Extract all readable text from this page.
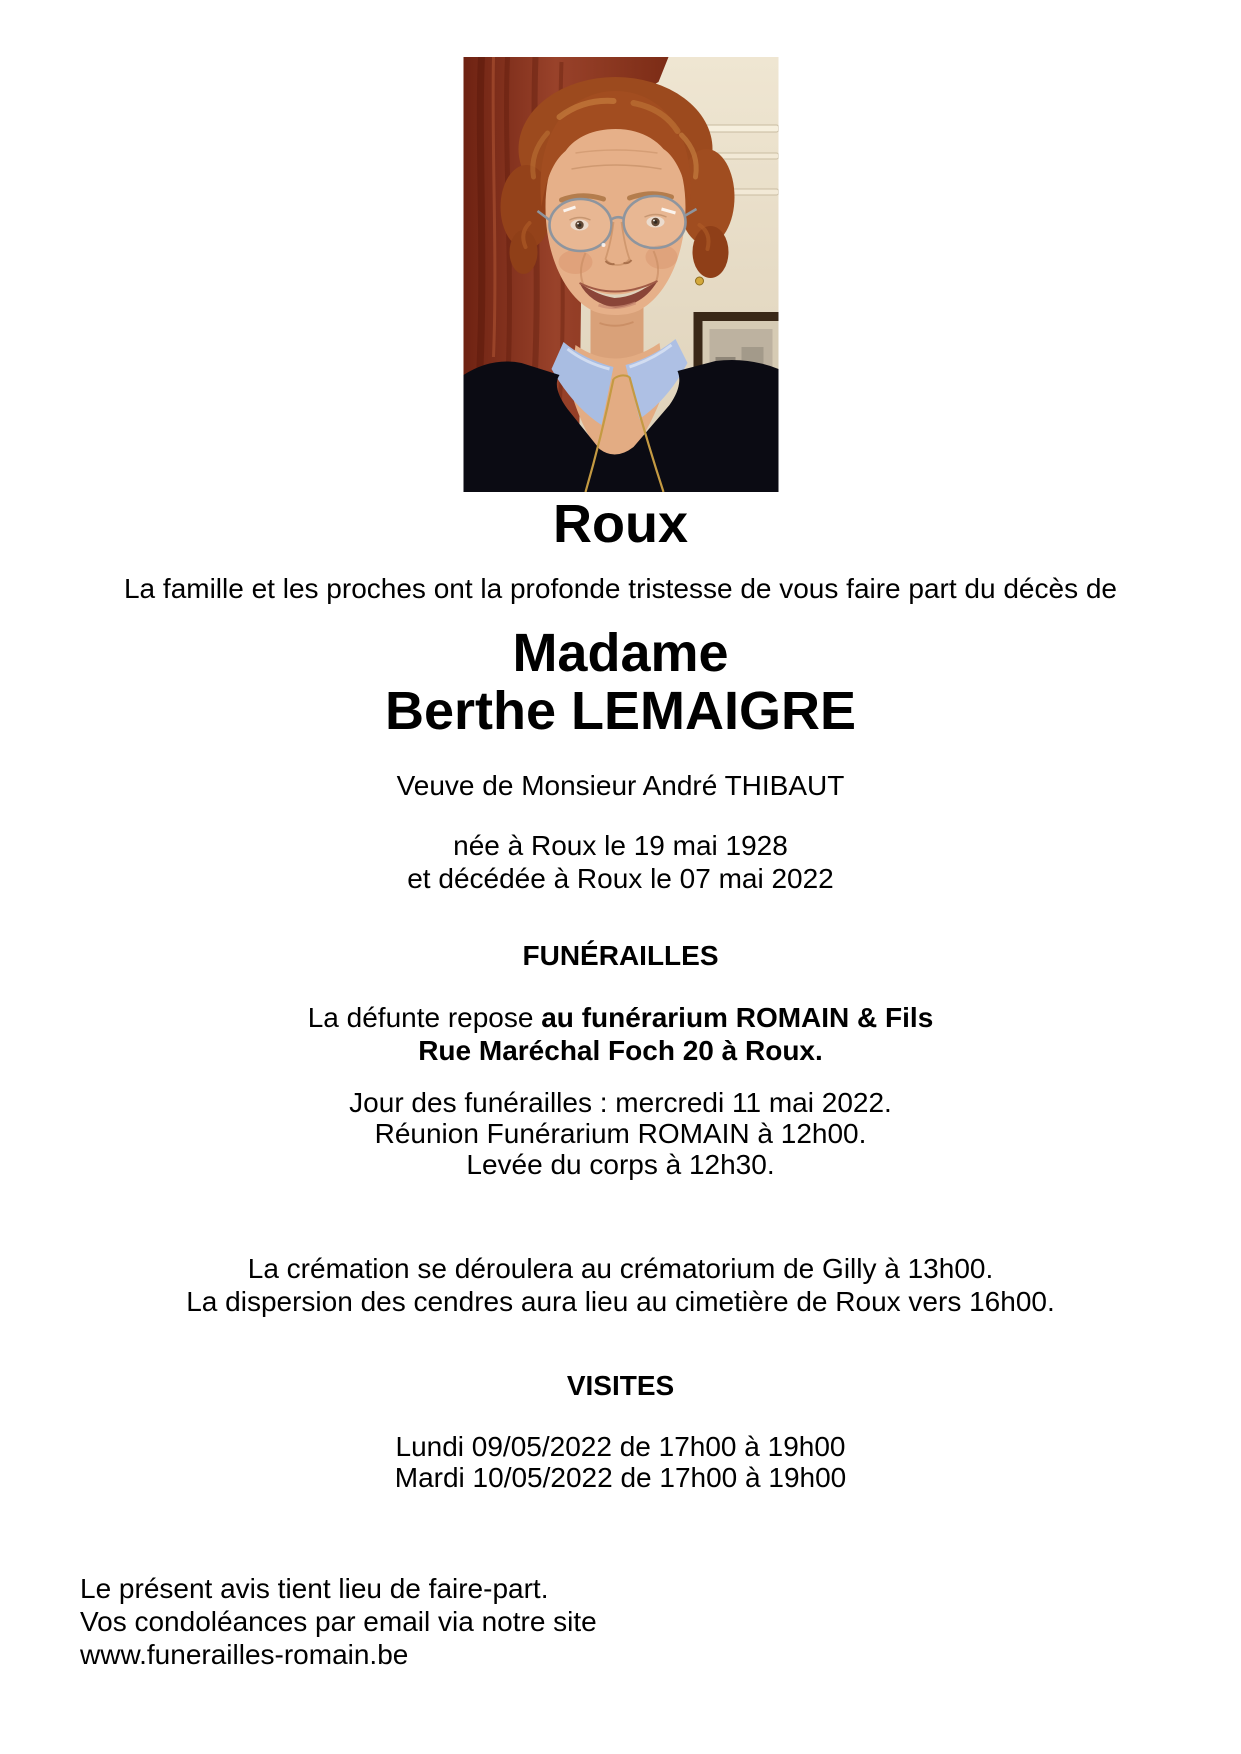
Roux
La famille et les proches ont la profonde tristesse de vous faire part du décès de
Madame
Berthe LEMAIGRE
Veuve de Monsieur André THIBAUT
née à Roux le 19 mai 1928
et décédée à Roux le 07 mai 2022
FUNÉRAILLES
La défunte repose au funérarium ROMAIN & Fils
Rue Maréchal Foch 20 à Roux.
Jour des funérailles : mercredi 11 mai 2022.
Réunion Funérarium ROMAIN à 12h00.
Levée du corps à 12h30.
La crémation se déroulera au crématorium de Gilly à 13h00.
La dispersion des cendres aura lieu au cimetière de Roux vers 16h00.
VISITES
Lundi 09/05/2022 de 17h00 à 19h00
Mardi 10/05/2022 de 17h00 à 19h00
Le présent avis tient lieu de faire-part.
Vos condoléances par email via notre site
www.funerailles-romain.be
